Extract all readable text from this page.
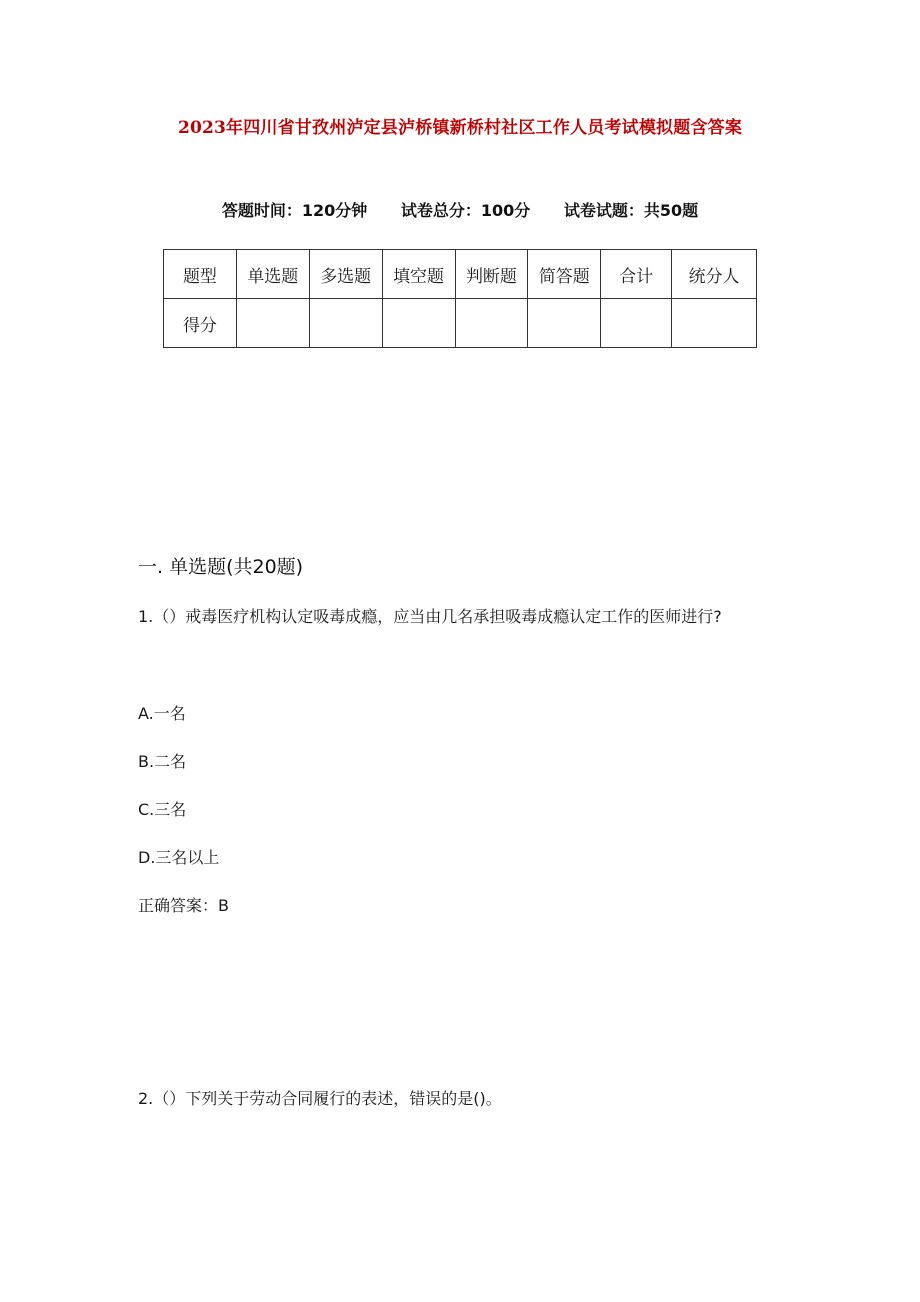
2023年四川省甘孜州泸定县泸桥镇新桥村社区工作人员考试模拟题含答案
答题时间：120分钟 试卷总分：100分 试卷试题：共50题
题型	单选题	多选题	填空题	判断题	简答题	合计	统分人
得分							
一. 单选题(共20题)
1.（）戒毒医疗机构认定吸毒成瘾，应当由几名承担吸毒成瘾认定工作的医师进行?
A.一名
B.二名
C.三名
D.三名以上
正确答案：B
2.（）下列关于劳动合同履行的表述，错误的是()。
